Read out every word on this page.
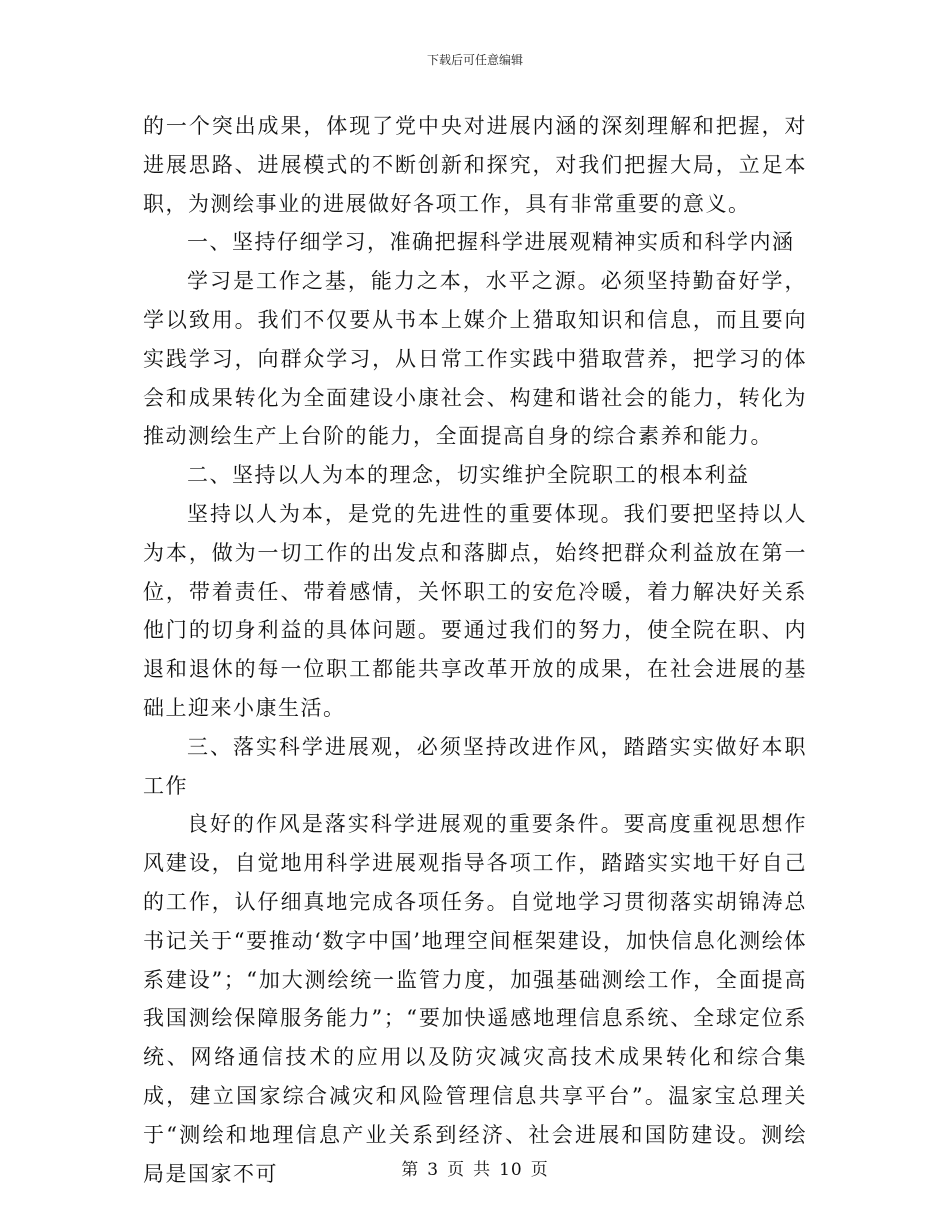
下载后可任意编辑

的一个突出成果，体现了党中央对进展内涵的深刻理解和把握，对进展思路、进展模式的不断创新和探究，对我们把握大局，立足本职，为测绘事业的进展做好各项工作，具有非常重要的意义。

一、坚持仔细学习，准确把握科学进展观精神实质和科学内涵

学习是工作之基，能力之本，水平之源。必须坚持勤奋好学，学以致用。我们不仅要从书本上媒介上猎取知识和信息，而且要向实践学习，向群众学习，从日常工作实践中猎取营养，把学习的体会和成果转化为全面建设小康社会、构建和谐社会的能力，转化为推动测绘生产上台阶的能力，全面提高自身的综合素养和能力。

二、坚持以人为本的理念，切实维护全院职工的根本利益

坚持以人为本，是党的先进性的重要体现。我们要把坚持以人为本，做为一切工作的出发点和落脚点，始终把群众利益放在第一位，带着责任、带着感情，关怀职工的安危冷暖，着力解决好关系他门的切身利益的具体问题。要通过我们的努力，使全院在职、内退和退休的每一位职工都能共享改革开放的成果，在社会进展的基础上迎来小康生活。

三、落实科学进展观，必须坚持改进作风，踏踏实实做好本职工作

良好的作风是落实科学进展观的重要条件。要高度重视思想作风建设，自觉地用科学进展观指导各项工作，踏踏实实地干好自己的工作，认仔细真地完成各项任务。自觉地学习贯彻落实胡锦涛总书记关于“要推动‘数字中国’地理空间框架建设，加快信息化测绘体系建设”；“加大测绘统一监管力度，加强基础测绘工作，全面提高我国测绘保障服务能力”；“要加快遥感地理信息系统、全球定位系统、网络通信技术的应用以及防灾减灾高技术成果转化和综合集成，建立国家综合减灾和风险管理信息共享平台”。温家宝总理关于“测绘和地理信息产业关系到经济、社会进展和国防建设。测绘局是国家不可	第 3 页 共 10 页
